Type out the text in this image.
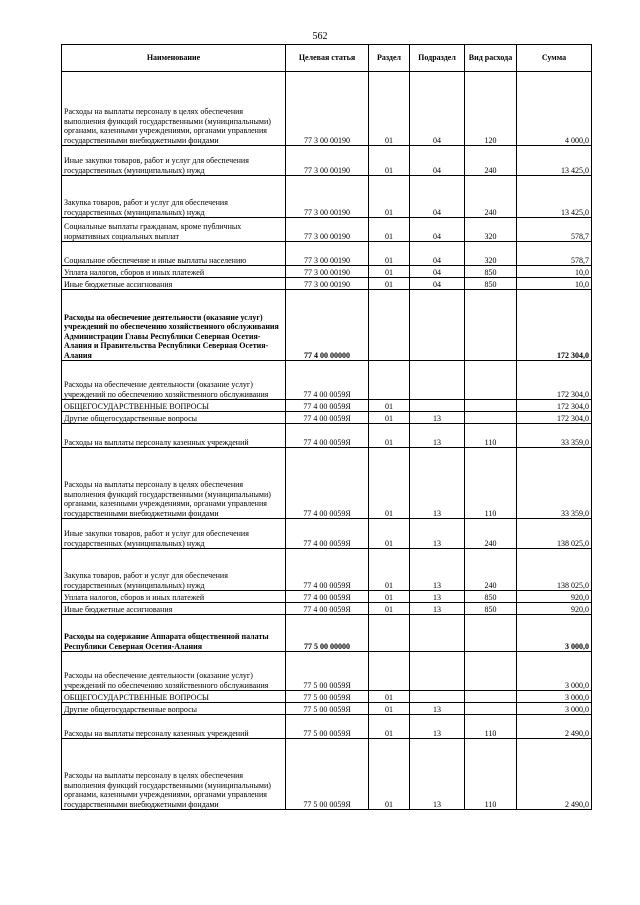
562
Наименование	Целевая статья	Раздел	Подраздел	Вид расхода	Сумма
Расходы на выплаты персоналу в целях обеспечения выполнения функций государственными (муниципальными) органами, казенными учреждениями, органами управления государственными внебюджетными фондами	77 3 00 00190	01	04	120	4 000,0
Иные закупки товаров, работ и услуг для обеспечения государственных (муниципальных) нужд	77 3 00 00190	01	04	240	13 425,0
Закупка товаров, работ и услуг для обеспечения государственных (муниципальных) нужд	77 3 00 00190	01	04	240	13 425,0
Социальные выплаты гражданам, кроме публичных нормативных социальных выплат	77 3 00 00190	01	04	320	578,7
Социальное обеспечение и иные выплаты населению	77 3 00 00190	01	04	320	578,7
Уплата налогов, сборов и иных платежей	77 3 00 00190	01	04	850	10,0
Иные бюджетные ассигнования	77 3 00 00190	01	04	850	10,0
Расходы на обеспечение деятельности (оказание услуг) учреждений по обеспечению хозяйственного обслуживания Администрации Главы Республики Северная Осетия-Алания и Правительства Республики Северная Осетия-Алания	77 4 00 00000				172 304,0
Расходы на обеспечение деятельности (оказание услуг) учреждений по обеспечению хозяйственного обслуживания	77 4 00 0059Я				172 304,0
ОБЩЕГОСУДАРСТВЕННЫЕ ВОПРОСЫ	77 4 00 0059Я	01			172 304,0
Другие общегосударственные вопросы	77 4 00 0059Я	01	13		172 304,0
Расходы на выплаты персоналу казенных учреждений	77 4 00 0059Я	01	13	110	33 359,0
Расходы на выплаты персоналу в целях обеспечения выполнения функций государственными (муниципальными) органами, казенными учреждениями, органами управления государственными внебюджетными фондами	77 4 00 0059Я	01	13	110	33 359,0
Иные закупки товаров, работ и услуг для обеспечения государственных (муниципальных) нужд	77 4 00 0059Я	01	13	240	138 025,0
Закупка товаров, работ и услуг для обеспечения государственных (муниципальных) нужд	77 4 00 0059Я	01	13	240	138 025,0
Уплата налогов, сборов и иных платежей	77 4 00 0059Я	01	13	850	920,0
Иные бюджетные ассигнования	77 4 00 0059Я	01	13	850	920,0
Расходы на содержание Аппарата общественной палаты Республики Северная Осетия-Алания	77 5 00 00000				3 000,0
Расходы на обеспечение деятельности (оказание услуг) учреждений по обеспечению хозяйственного обслуживания	77 5 00 0059Я				3 000,0
ОБЩЕГОСУДАРСТВЕННЫЕ ВОПРОСЫ	77 5 00 0059Я	01			3 000,0
Другие общегосударственные вопросы	77 5 00 0059Я	01	13		3 000,0
Расходы на выплаты персоналу казенных учреждений	77 5 00 0059Я	01	13	110	2 490,0
Расходы на выплаты персоналу в целях обеспечения выполнения функций государственными (муниципальными) органами, казенными учреждениями, органами управления государственными внебюджетными фондами	77 5 00 0059Я	01	13	110	2 490,0
